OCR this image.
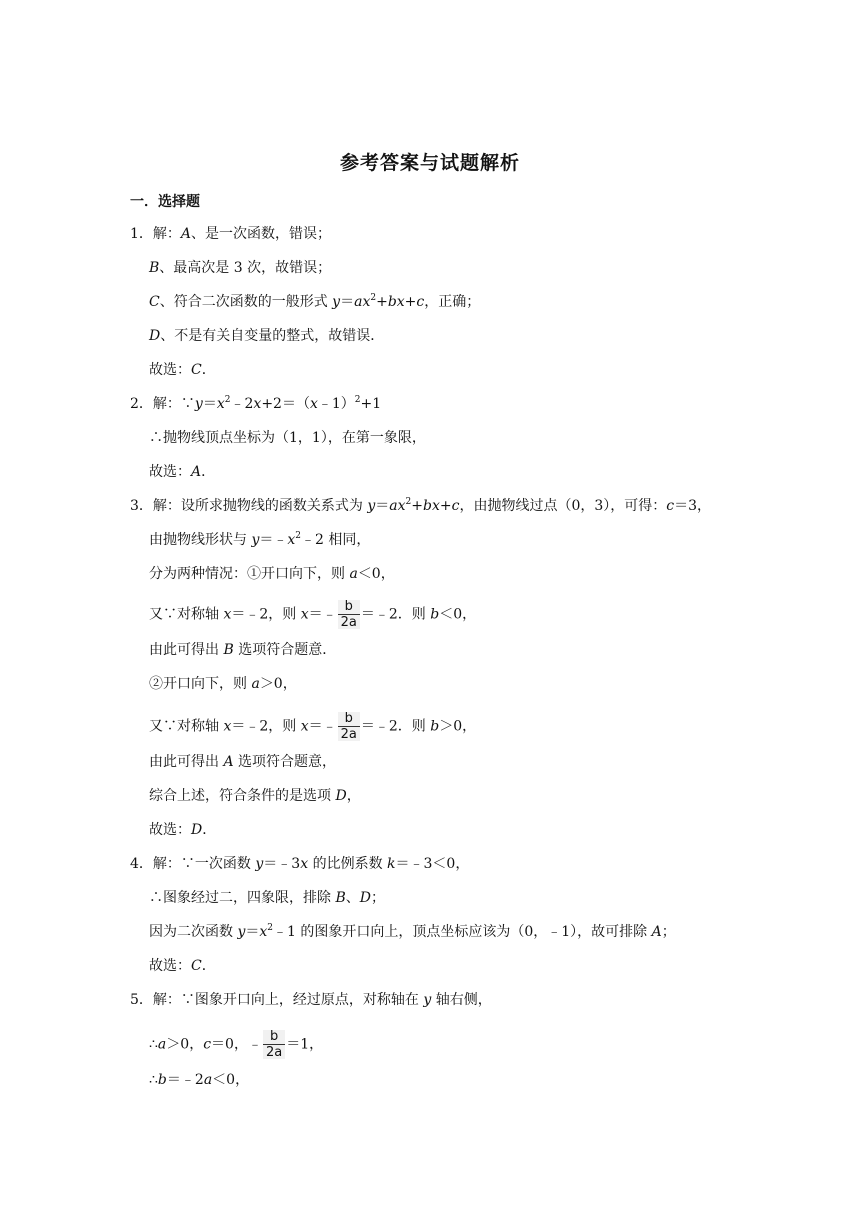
参考答案与试题解析
一．选择题
1．解：A、是一次函数，错误；
B、最高次是 3 次，故错误；
C、符合二次函数的一般形式 $y=ax^2+bx+c$，正确；
D、不是有关自变量的整式，故错误．
故选：C．
2．解：$\because y=x^2﹣2x+2=(x﹣1)^2+1$
∴抛物线顶点坐标为（1，1），在第一象限，
故选：A．
3．解：设所求抛物线的函数关系式为 $y=ax^2+bx+c$，由抛物线过点（0，3），可得：c＝3，
由抛物线形状与 $y=﹣x^2﹣2$ 相同，
分为两种情况：①开口向下，则 a＜0，
又∵对称轴 x＝﹣2，则 x＝﹣ $\frac{b}{2a}$ ＝﹣2．则 b＜0，
由此可得出 B 选项符合题意．
②开口向下，则 a＞0，
又∵对称轴 x＝﹣2，则 x＝﹣ $\frac{b}{2a}$ ＝﹣2．则 b＞0，
由此可得出 A 选项符合题意，
综合上述，符合条件的是选项 D，
故选：D．
4．解：∵一次函数 y＝﹣3x 的比例系数 k＝﹣3＜0，
∴图象经过二，四象限，排除 B、D；
因为二次函数 $y=x^2﹣1$ 的图象开口向上，顶点坐标应该为（0，﹣1），故可排除 A；
故选：C．
5．解：∵图象开口向上，经过原点，对称轴在 y 轴右侧，
∴a＞0，c＝0，﹣ $\frac{b}{2a} =1$，
∴b＝﹣2a＜0，
